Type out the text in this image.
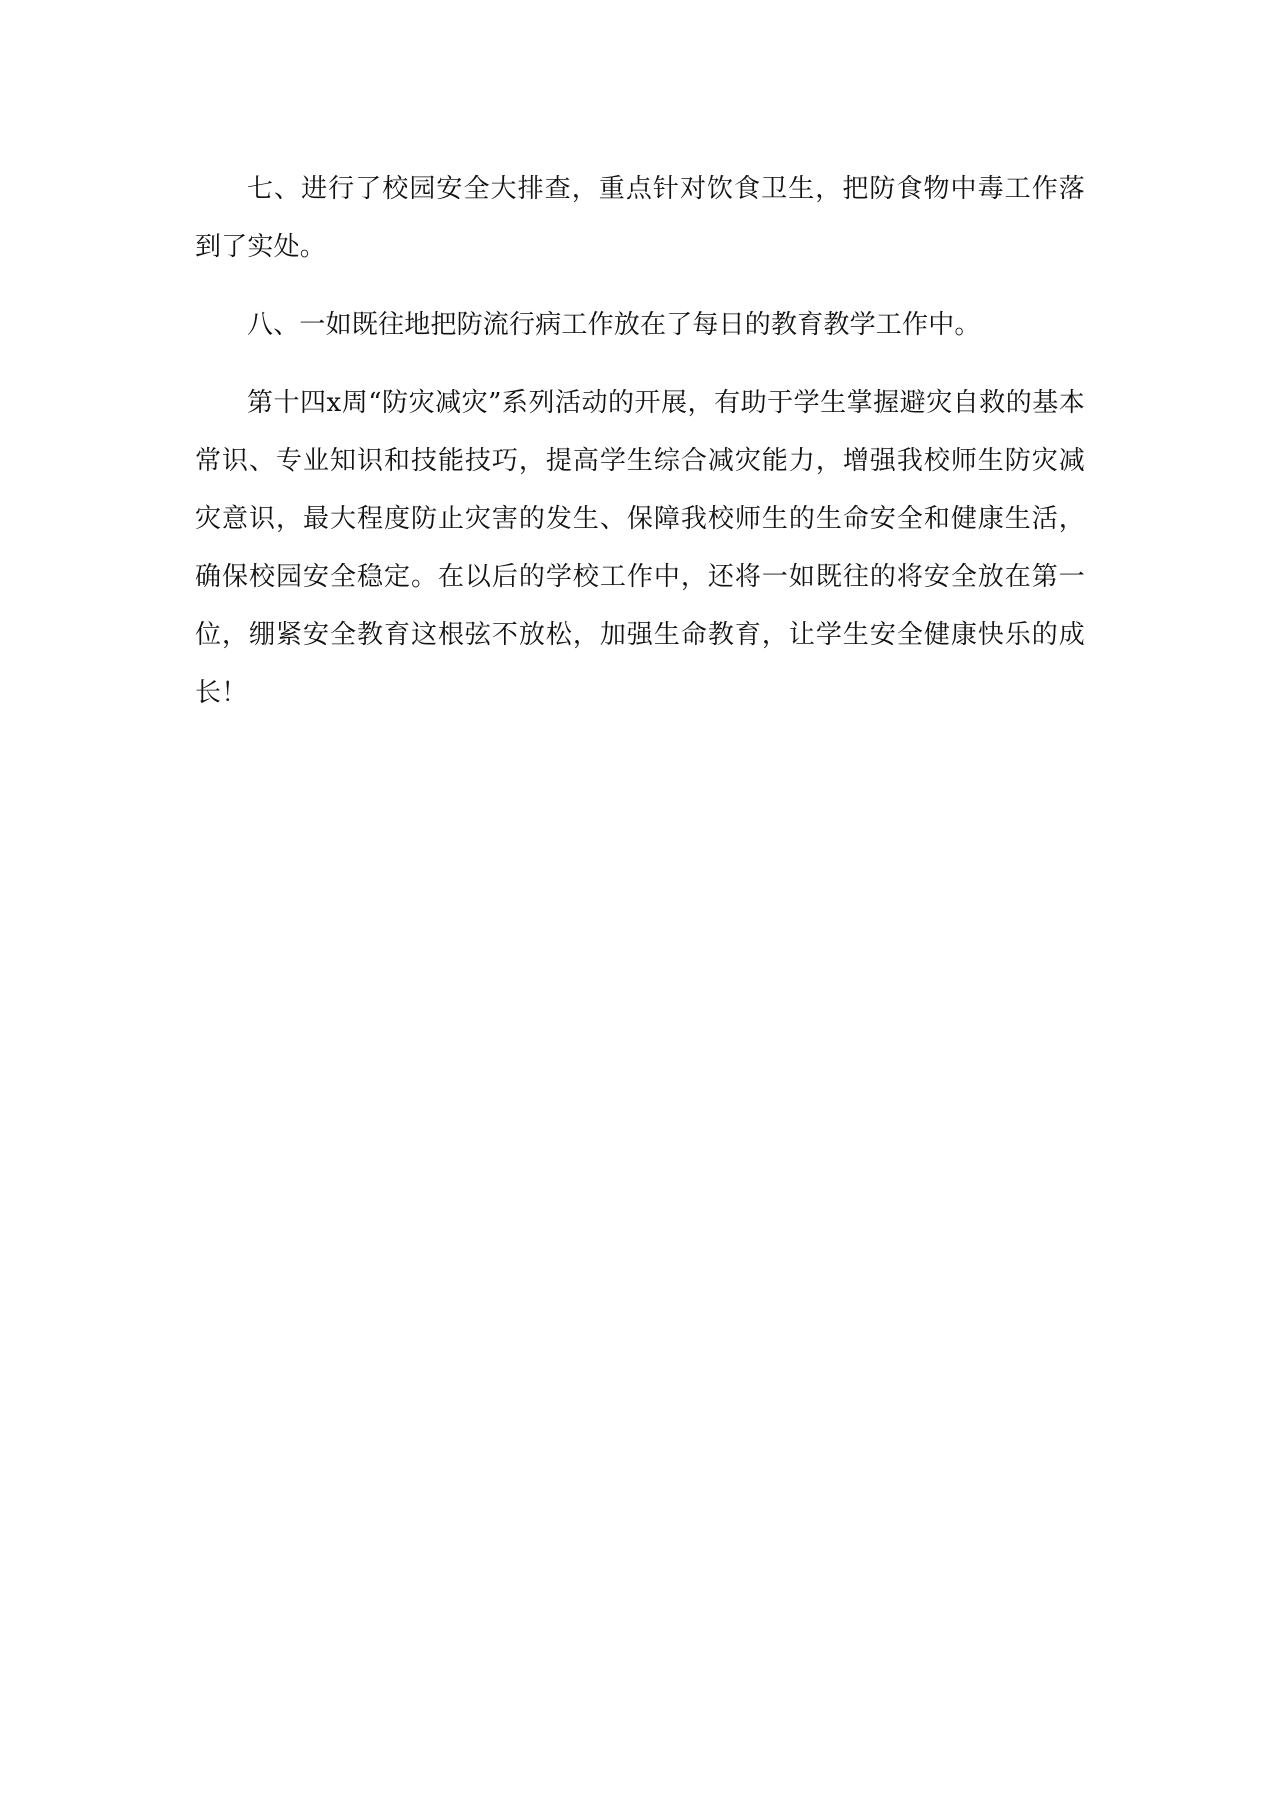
七、进行了校园安全大排查，重点针对饮食卫生，把防食物中毒工作落到了实处。

八、一如既往地把防流行病工作放在了每日的教育教学工作中。

第十四x周“防灾减灾”系列活动的开展，有助于学生掌握避灾自救的基本常识、专业知识和技能技巧，提高学生综合减灾能力，增强我校师生防灾减灾意识，最大程度防止灾害的发生、保障我校师生的生命安全和健康生活，确保校园安全稳定。在以后的学校工作中，还将一如既往的将安全放在第一位，绷紧安全教育这根弦不放松，加强生命教育，让学生安全健康快乐的成长！
